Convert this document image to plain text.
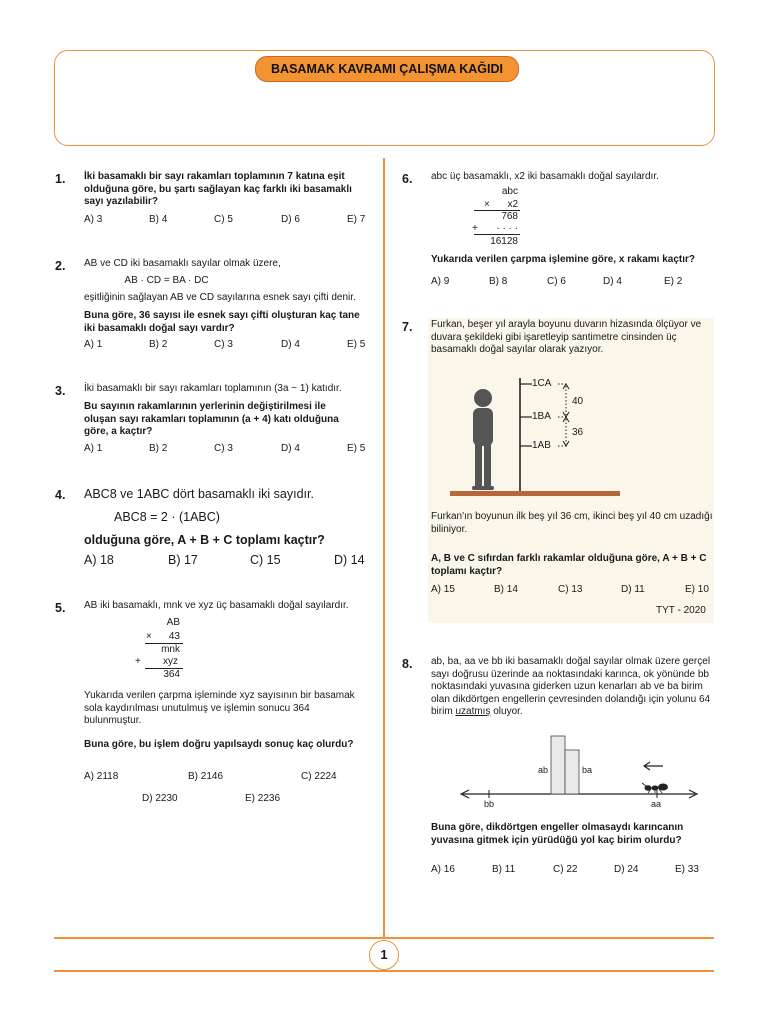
BASAMAK KAVRAMI ÇALIŞMA KAĞIDI
1
1. İki basamaklı bir sayı rakamları toplamının 7 katına eşit olduğuna göre, bu şartı sağlayan kaç farklı iki basamaklı sayı yazılabilir?
A) 3	B) 4	C) 5	D) 6	E) 7
2. AB ve CD iki basamaklı sayılar olmak üzere,
AB · CD = BA · DC
eşitliğinin sağlayan AB ve CD sayılarına esnek sayı çifti denir.
Buna göre, 36 sayısı ile esnek sayı çifti oluşturan kaç tane iki basamaklı doğal sayı vardır?
A) 1	B) 2	C) 3	D) 4	E) 5
3. İki basamaklı bir sayı rakamları toplamının (3a − 1) katıdır.
Bu sayının rakamlarının yerlerinin değiştirilmesi ile oluşan sayı rakamları toplamının (a + 4) katı olduğuna göre, a kaçtır?
A) 1	B) 2	C) 3	D) 4	E) 5
4. ABC8 ve 1ABC dört basamaklı iki sayıdır.
ABC8 = 2 · (1ABC)
olduğuna göre, A + B + C toplamı kaçtır?
A) 18	B) 17	C) 15	D) 14
5. AB iki basamaklı, mnk ve xyz üç basamaklı doğal sayılardır.
AB
×	43
mnk
+	xyz
364
Yukarıda verilen çarpma işleminde xyz sayısının bir basamak sola kaydırılması unutulmuş ve işlemin sonucu 364 bulunmuştur.
Buna göre, bu işlem doğru yapılsaydı sonuç kaç olurdu?
A) 2118	B) 2146	C) 2224
D) 2230	E) 2236
6. abc üç basamaklı, x2 iki basamaklı doğal sayılardır.
abc
×	x2
768
+	· · · ·
16128
Yukarıda verilen çarpma işlemine göre, x rakamı kaçtır?
A) 9	B) 8	C) 6	D) 4	E) 2
7. Furkan, beşer yıl arayla boyunu duvarın hizasında ölçüyor ve duvara şekildeki gibi işaretleyip santimetre cinsinden üç basamaklı doğal sayılar olarak yazıyor.
1CA
1BA
1AB
40
36
Furkan'ın boyunun ilk beş yıl 36 cm, ikinci beş yıl 40 cm uzadığı biliniyor.
A, B ve C sıfırdan farklı rakamlar olduğuna göre, A + B + C toplamı kaçtır?
A) 15	B) 14	C) 13	D) 11	E) 10
TYT - 2020
8. ab, ba, aa ve bb iki basamaklı doğal sayılar olmak üzere gerçel sayı doğrusu üzerinde aa noktasındaki karınca, ok yönünde bb noktasındaki yuvasına giderken uzun kenarları ab ve ba birim olan dikdörtgen engellerin çevresinden dolandığı için yolunu 64 birim uzatmış oluyor.
ab	ba
bb	aa
Buna göre, dikdörtgen engeller olmasaydı karıncanın yuvasına gitmek için yürüdüğü yol kaç birim olurdu?
A) 16	B) 11	C) 22	D) 24	E) 33
